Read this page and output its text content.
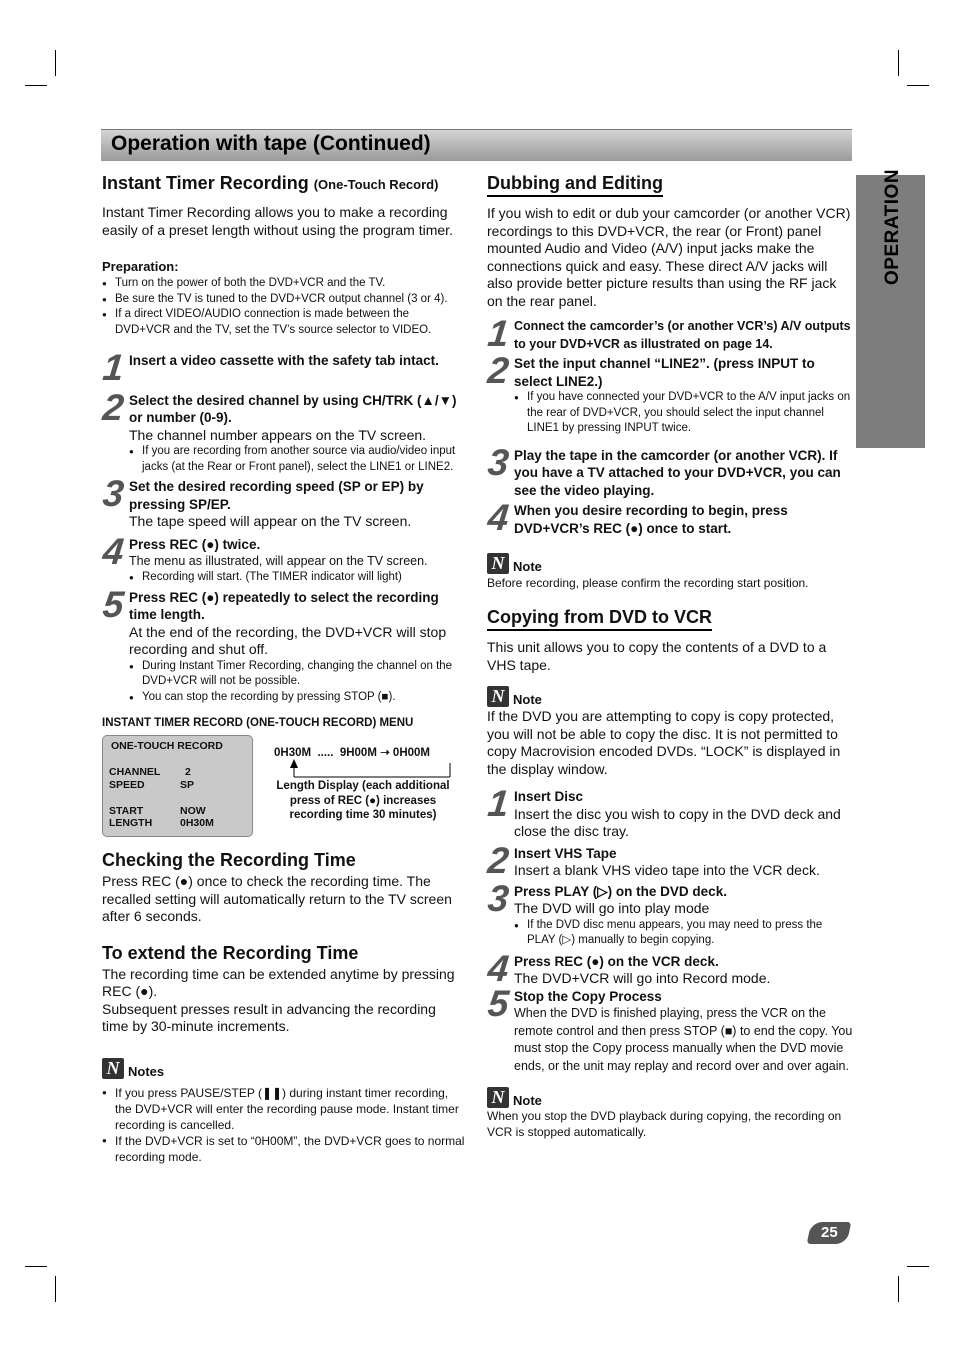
Operation with tape (Continued)
OPERATION
Instant Timer Recording (One-Touch Record)

Instant Timer Recording allows you to make a recording easily of a preset length without using the program timer.

Preparation:
● Turn on the power of both the DVD+VCR and the TV.
● Be sure the TV is tuned to the DVD+VCR output channel (3 or 4).
● If a direct VIDEO/AUDIO connection is made between the DVD+VCR and the TV, set the TV’s source selector to VIDEO.
1 Insert a video cassette with the safety tab intact.
2 Select the desired channel by using CH/TRK (▲/▼) or number (0-9).
The channel number appears on the TV screen.
● If you are recording from another source via audio/video input jacks (at the Rear or Front panel), select the LINE1 or LINE2.
3 Set the desired recording speed (SP or EP) by pressing SP/EP.
The tape speed will appear on the TV screen.
4 Press REC (●) twice.
The menu as illustrated, will appear on the TV screen.
● Recording will start. (The TIMER indicator will light)
5 Press REC (●) repeatedly to select the recording time length.
At the end of the recording, the DVD+VCR will stop recording and shut off.
● During Instant Timer Recording, changing the channel on the DVD+VCR will not be possible.
● You can stop the recording by pressing STOP (■).
INSTANT TIMER RECORD (ONE-TOUCH RECORD) MENU
ONE-TOUCH RECORD
CHANNEL 2
SPEED	SP
START	NOW
LENGTH	0H30M
0H30M  .....  9H00M ➝ 0H00M
Length Display (each additional press of REC (●) increases recording time 30 minutes)
Checking the Recording Time

Press REC (●) once to check the recording time. The recalled setting will automatically return to the TV screen after 6 seconds.

To extend the Recording Time

The recording time can be extended anytime by pressing REC (●).

Subsequent presses result in advancing the recording time by 30-minute increments.

N Notes
● If you press PAUSE/STEP (❚❚) during instant timer recording, the DVD+VCR will enter the recording pause mode. Instant timer recording is cancelled.
● If the DVD+VCR is set to “0H00M”, the DVD+VCR goes to normal recording mode.
Dubbing and Editing

If you wish to edit or dub your camcorder (or another VCR) recordings to this DVD+VCR, the rear (or Front) panel mounted Audio and Video (A/V) input jacks make the connections quick and easy. These direct A/V jacks will also provide better picture results than using the RF jack on the rear panel.

1 Connect the camcorder’s (or another VCR’s) A/V outputs to your DVD+VCR as illustrated on page 14.
2 Set the input channel “LINE2”. (press INPUT to select LINE2.)
● If you have connected your DVD+VCR to the A/V input jacks on the rear of DVD+VCR, you should select the input channel LINE1 by pressing INPUT twice.
3 Play the tape in the camcorder (or another VCR). If you have a TV attached to your DVD+VCR, you can see the video playing.
4 When you desire recording to begin, press DVD+VCR’s REC (●) once to start.
N Note
Before recording, please confirm the recording start position.
Copying from DVD to VCR

This unit allows you to copy the contents of a DVD to a VHS tape.

N Note

If the DVD you are attempting to copy is copy protected, you will not be able to copy the disc. It is not permitted to copy Macrovision encoded DVDs. “LOCK” is displayed in the display window.

1 Insert Disc
Insert the disc you wish to copy in the DVD deck and close the disc tray.
2 Insert VHS Tape
Insert a blank VHS video tape into the VCR deck.
3 Press PLAY (▷) on the DVD deck.
The DVD will go into play mode
● If the DVD disc menu appears, you may need to press the PLAY (▷) manually to begin copying.
4 Press REC (●) on the VCR deck.
The DVD+VCR will go into Record mode.
5 Stop the Copy Process
When the DVD is finished playing, press the VCR on the remote control and then press STOP (■) to end the copy. You must stop the Copy process manually when the DVD movie ends, or the unit may replay and record over and over again.
N Note
When you stop the DVD playback during copying, the recording on VCR is stopped automatically.
25
